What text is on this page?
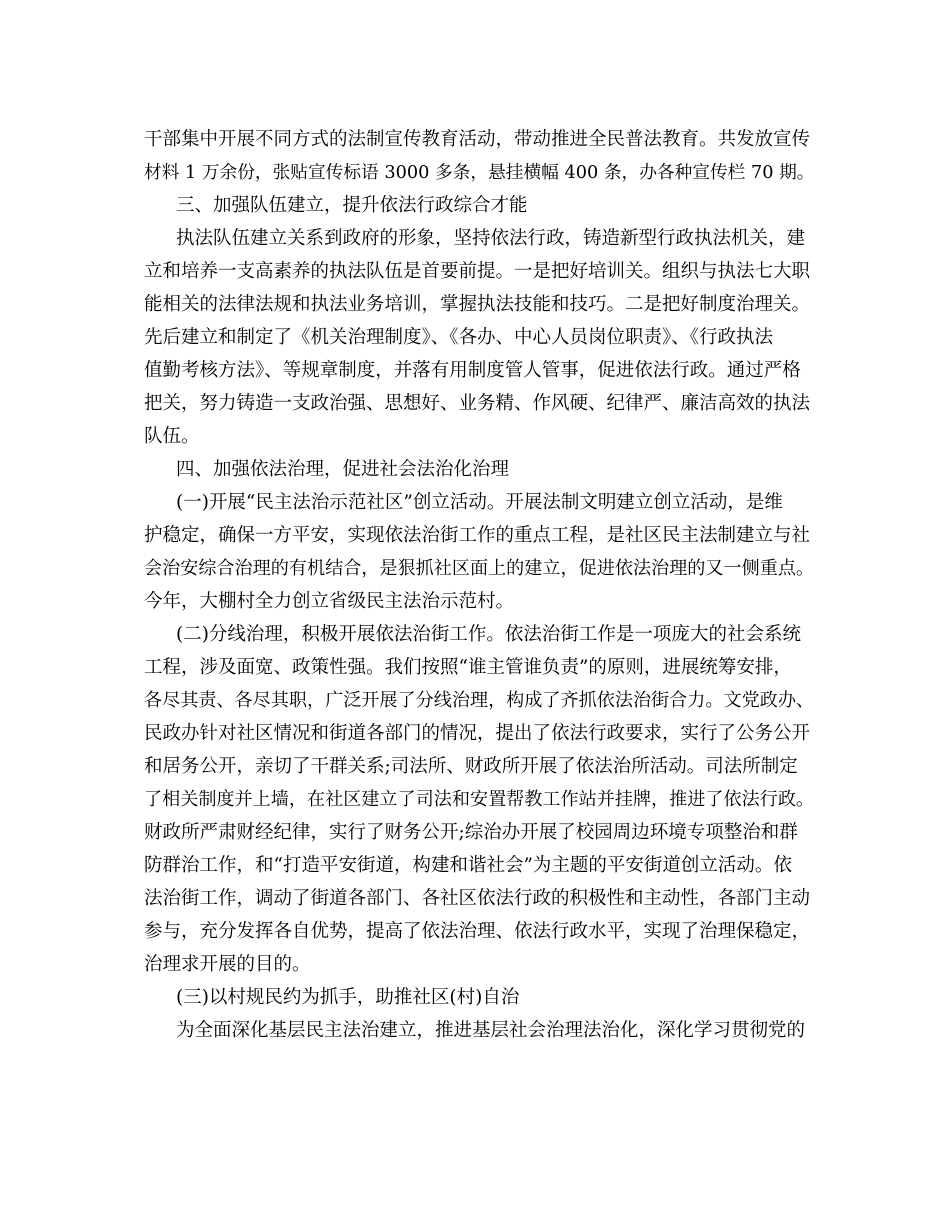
干部集中开展不同方式的法制宣传教育活动，带动推进全民普法教育。共发放宣传
材料 1 万余份，张贴宣传标语 3000 多条，悬挂横幅 400 条，办各种宣传栏 70 期。
三、加强队伍建立，提升依法行政综合才能
执法队伍建立关系到政府的形象，坚持依法行政，铸造新型行政执法机关，建
立和培养一支高素养的执法队伍是首要前提。一是把好培训关。组织与执法七大职
能相关的法律法规和执法业务培训，掌握执法技能和技巧。二是把好制度治理关。
先后建立和制定了《机关治理制度》、《各办、中心人员岗位职责》、《行政执法
值勤考核方法》、等规章制度，并落有用制度管人管事，促进依法行政。通过严格
把关，努力铸造一支政治强、思想好、业务精、作风硬、纪律严、廉洁高效的执法
队伍。
四、加强依法治理，促进社会法治化治理
(一)开展“民主法治示范社区”创立活动。开展法制文明建立创立活动，是维
护稳定，确保一方平安，实现依法治街工作的重点工程，是社区民主法制建立与社
会治安综合治理的有机结合，是狠抓社区面上的建立，促进依法治理的又一侧重点。
今年，大棚村全力创立省级民主法治示范村。
(二)分线治理，积极开展依法治街工作。依法治街工作是一项庞大的社会系统
工程，涉及面宽、政策性强。我们按照“谁主管谁负责”的原则，进展统筹安排，
各尽其责、各尽其职，广泛开展了分线治理，构成了齐抓依法治街合力。文党政办、
民政办针对社区情况和街道各部门的情况，提出了依法行政要求，实行了公务公开
和居务公开，亲切了干群关系;司法所、财政所开展了依法治所活动。司法所制定
了相关制度并上墙，在社区建立了司法和安置帮教工作站并挂牌，推进了依法行政。
财政所严肃财经纪律，实行了财务公开;综治办开展了校园周边环境专项整治和群
防群治工作，和“打造平安街道，构建和谐社会”为主题的平安街道创立活动。依
法治街工作，调动了街道各部门、各社区依法行政的积极性和主动性，各部门主动
参与，充分发挥各自优势，提高了依法治理、依法行政水平，实现了治理保稳定，
治理求开展的目的。
(三)以村规民约为抓手，助推社区(村)自治
为全面深化基层民主法治建立，推进基层社会治理法治化，深化学习贯彻党的
